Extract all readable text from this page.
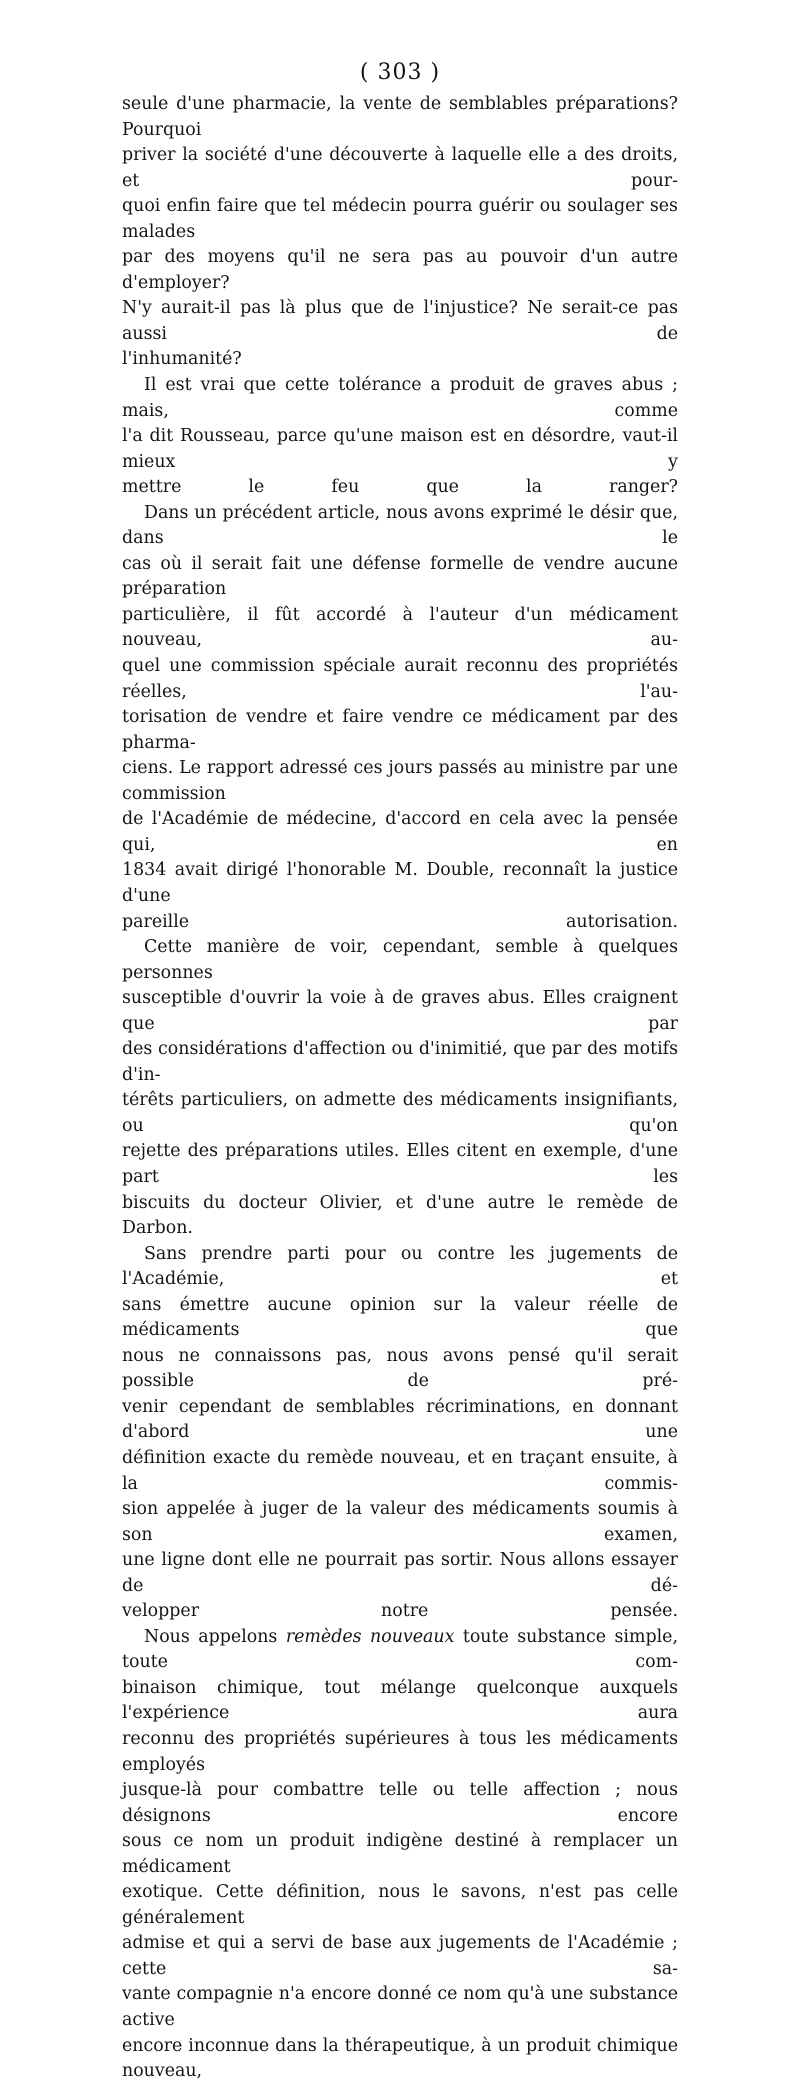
( 303 )

seule d'une pharmacie, la vente de semblables préparations? Pourquoi
priver la société d'une découverte à laquelle elle a des droits, et pour-
quoi enfin faire que tel médecin pourra guérir ou soulager ses malades
par des moyens qu'il ne sera pas au pouvoir d'un autre d'employer?
N'y aurait-il pas là plus que de l'injustice? Ne serait-ce pas aussi de
l'inhumanité?

Il est vrai que cette tolérance a produit de graves abus ; mais, comme
l'a dit Rousseau, parce qu'une maison est en désordre, vaut-il mieux y
mettre le feu que la ranger?

Dans un précédent article, nous avons exprimé le désir que, dans le
cas où il serait fait une défense formelle de vendre aucune préparation
particulière, il fût accordé à l'auteur d'un médicament nouveau, au-
quel une commission spéciale aurait reconnu des propriétés réelles, l'au-
torisation de vendre et faire vendre ce médicament par des pharma-
ciens. Le rapport adressé ces jours passés au ministre par une commission
de l'Académie de médecine, d'accord en cela avec la pensée qui, en
1834 avait dirigé l'honorable M. Double, reconnaît la justice d'une
pareille autorisation.

Cette manière de voir, cependant, semble à quelques personnes
susceptible d'ouvrir la voie à de graves abus. Elles craignent que par
des considérations d'affection ou d'inimitié, que par des motifs d'in-
térêts particuliers, on admette des médicaments insignifiants, ou qu'on
rejette des préparations utiles. Elles citent en exemple, d'une part les
biscuits du docteur Olivier, et d'une autre le remède de Darbon.

Sans prendre parti pour ou contre les jugements de l'Académie, et
sans émettre aucune opinion sur la valeur réelle de médicaments que
nous ne connaissons pas, nous avons pensé qu'il serait possible de pré-
venir cependant de semblables récriminations, en donnant d'abord une
définition exacte du remède nouveau, et en traçant ensuite, à la commis-
sion appelée à juger de la valeur des médicaments soumis à son examen,
une ligne dont elle ne pourrait pas sortir. Nous allons essayer de dé-
velopper notre pensée.

Nous appelons remèdes nouveaux toute substance simple, toute com-
binaison chimique, tout mélange quelconque auxquels l'expérience aura
reconnu des propriétés supérieures à tous les médicaments employés
jusque-là pour combattre telle ou telle affection ; nous désignons encore
sous ce nom un produit indigène destiné à remplacer un médicament
exotique. Cette définition, nous le savons, n'est pas celle généralement
admise et qui a servi de base aux jugements de l'Académie ; cette sa-
vante compagnie n'a encore donné ce nom qu'à une substance active
encore inconnue dans la thérapeutique, à un produit chimique nouveau,
